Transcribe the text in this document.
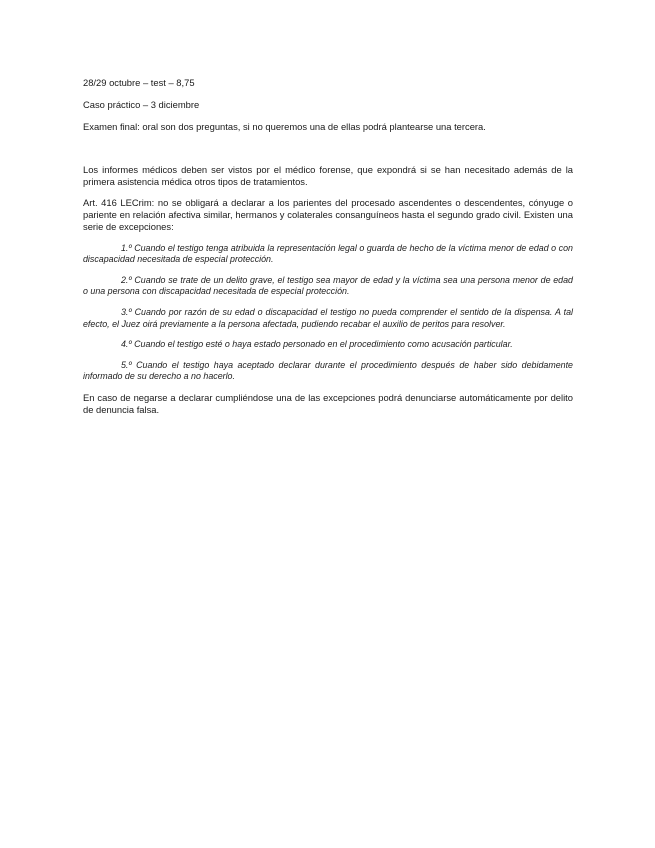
28/29 octubre – test – 8,75

Caso práctico – 3 diciembre

Examen final: oral son dos preguntas, si no queremos una de ellas podrá plantearse una tercera.

Los informes médicos deben ser vistos por el médico forense, que expondrá si se han necesitado además de la primera asistencia médica otros tipos de tratamientos.

Art. 416 LECrim: no se obligará a declarar a los parientes del procesado ascendentes o descendentes, cónyuge o pariente en relación afectiva similar, hermanos y colaterales consanguíneos hasta el segundo grado civil. Existen una serie de excepciones:

1.º Cuando el testigo tenga atribuida la representación legal o guarda de hecho de la víctima menor de edad o con discapacidad necesitada de especial protección.
2.º Cuando se trate de un delito grave, el testigo sea mayor de edad y la víctima sea una persona menor de edad o una persona con discapacidad necesitada de especial protección.
3.º Cuando por razón de su edad o discapacidad el testigo no pueda comprender el sentido de la dispensa. A tal efecto, el Juez oirá previamente a la persona afectada, pudiendo recabar el auxilio de peritos para resolver.
4.º Cuando el testigo esté o haya estado personado en el procedimiento como acusación particular.
5.º Cuando el testigo haya aceptado declarar durante el procedimiento después de haber sido debidamente informado de su derecho a no hacerlo.

En caso de negarse a declarar cumpliéndose una de las excepciones podrá denunciarse automáticamente por delito de denuncia falsa.
